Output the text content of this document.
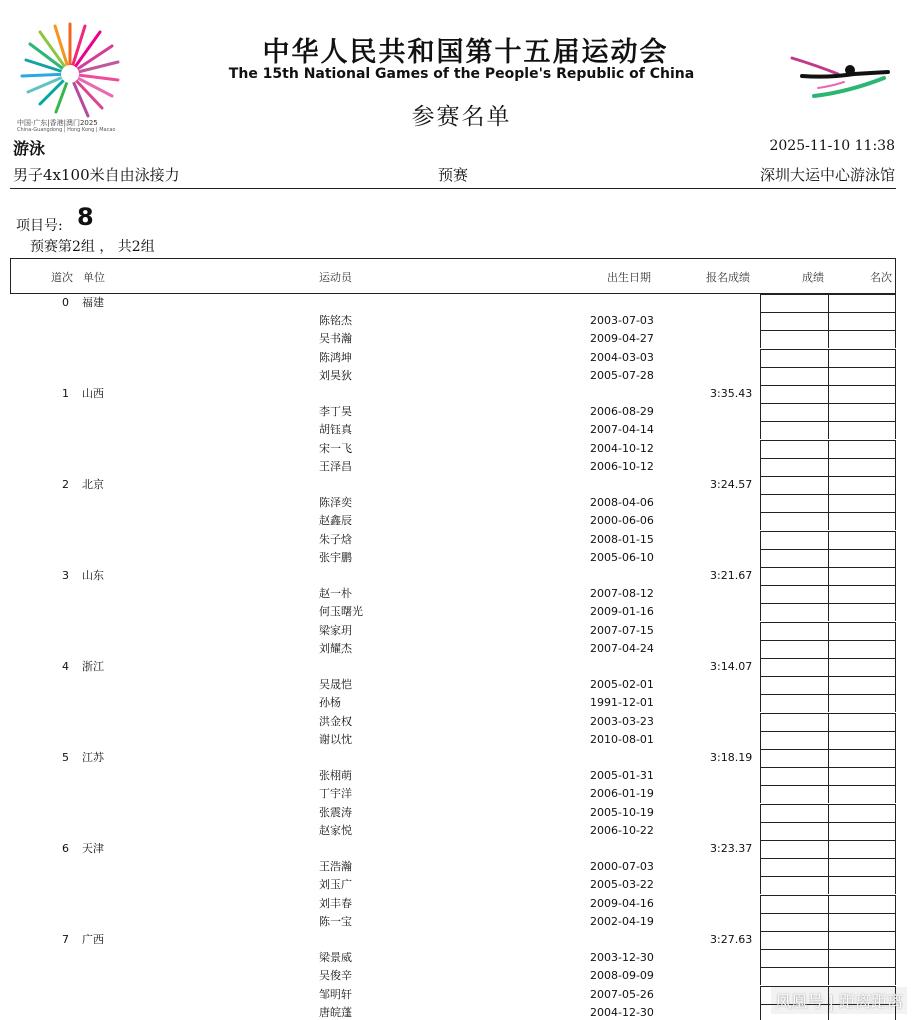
中国·广东|香港|澳门2025
China-Guangdong | Hong Kong | Macao
中华人民共和国第十五届运动会
The 15th National Games of the People's Republic of China
参赛名单
游泳	2025-11-10 11:38
男子4x100米自由泳接力	预赛	深圳大运中心游泳馆
项目号: 8
预赛第2组 ， 共2组
道次 单位	运动员	出生日期	报名成绩	成绩	名次
0 福建
陈铭杰	2003-07-03
吴书瀚	2009-04-27
陈鸿坤	2004-03-03
刘昊狄	2005-07-28
1 山西	3:35.43
李丁昊	2006-08-29
胡钰真	2007-04-14
宋一飞	2004-10-12
王泽昌	2006-10-12
2 北京	3:24.57
陈泽奕	2008-04-06
赵鑫辰	2000-06-06
朱子焓	2008-01-15
张宇鹏	2005-06-10
3 山东	3:21.67
赵一朴	2007-08-12
何玉曙光	2009-01-16
梁家玥	2007-07-15
刘耀杰	2007-04-24
4 浙江	3:14.07
吴晟恺	2005-02-01
孙杨	1991-12-01
洪金权	2003-03-23
谢以忱	2010-08-01
5 江苏	3:18.19
张栩萌	2005-01-31
丁宇洋	2006-01-19
张震涛	2005-10-19
赵家悦	2006-10-22
6 天津	3:23.37
王浩瀚	2000-07-03
刘玉广	2005-03-22
刘丰春	2009-04-16
陈一宝	2002-04-19
7 广西	3:27.63
梁景威	2003-12-30
吴俊辛	2008-09-09
邹明轩	2007-05-26
唐皖蓬	2004-12-30
凤凰号 | 距离距离
